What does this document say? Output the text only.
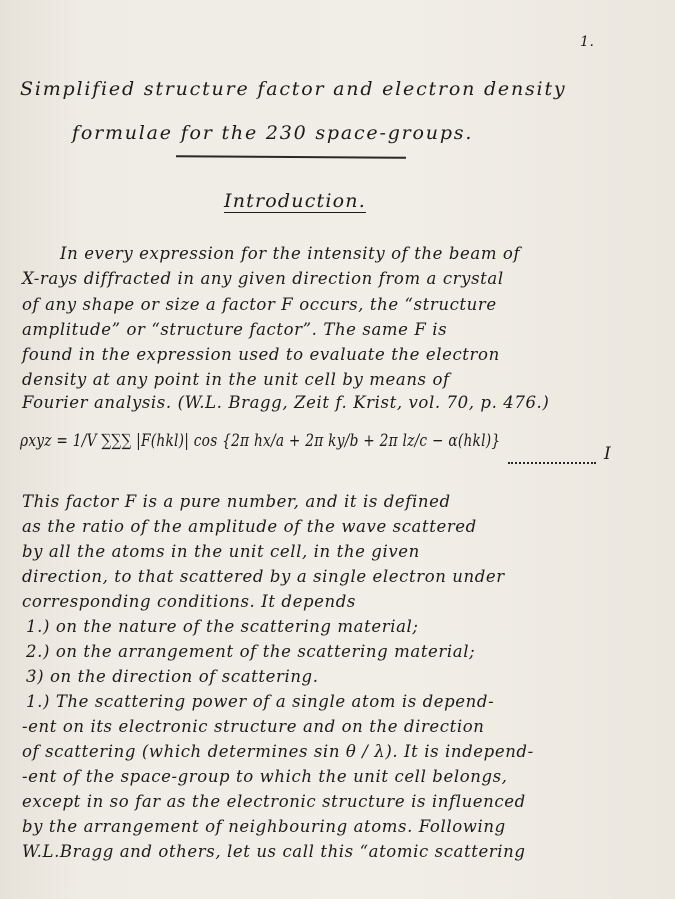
1.
Simplified structure factor and electron density
formulae for the 230 space-groups.
Introduction.
In every expression for the intensity of the beam of
X-rays diffracted in any given direction from a crystal
of any shape or size a factor F occurs, the “structure
amplitude” or “structure factor”. The same F is
found in the expression used to evaluate the electron
density at any point in the unit cell by means of
Fourier analysis. (W.L. Bragg, Zeit f. Krist, vol. 70, p. 476.)
ρxyz = 1/V ∑∑∑ |F(hkl)| cos {2π hx/a + 2π ky/b + 2π lz/c − α(hkl)}
I
This factor F is a pure number, and it is defined
as the ratio of the amplitude of the wave scattered
by all the atoms in the unit cell, in the given
direction, to that scattered by a single electron under
corresponding conditions. It depends
1.) on the nature of the scattering material;
2.) on the arrangement of the scattering material;
3) on the direction of scattering.
1.) The scattering power of a single atom is depend-
-ent on its electronic structure and on the direction
of scattering (which determines sin θ / λ). It is independ-
-ent of the space-group to which the unit cell belongs,
except in so far as the electronic structure is influenced
by the arrangement of neighbouring atoms. Following
W.L.Bragg and others, let us call this “atomic scattering
